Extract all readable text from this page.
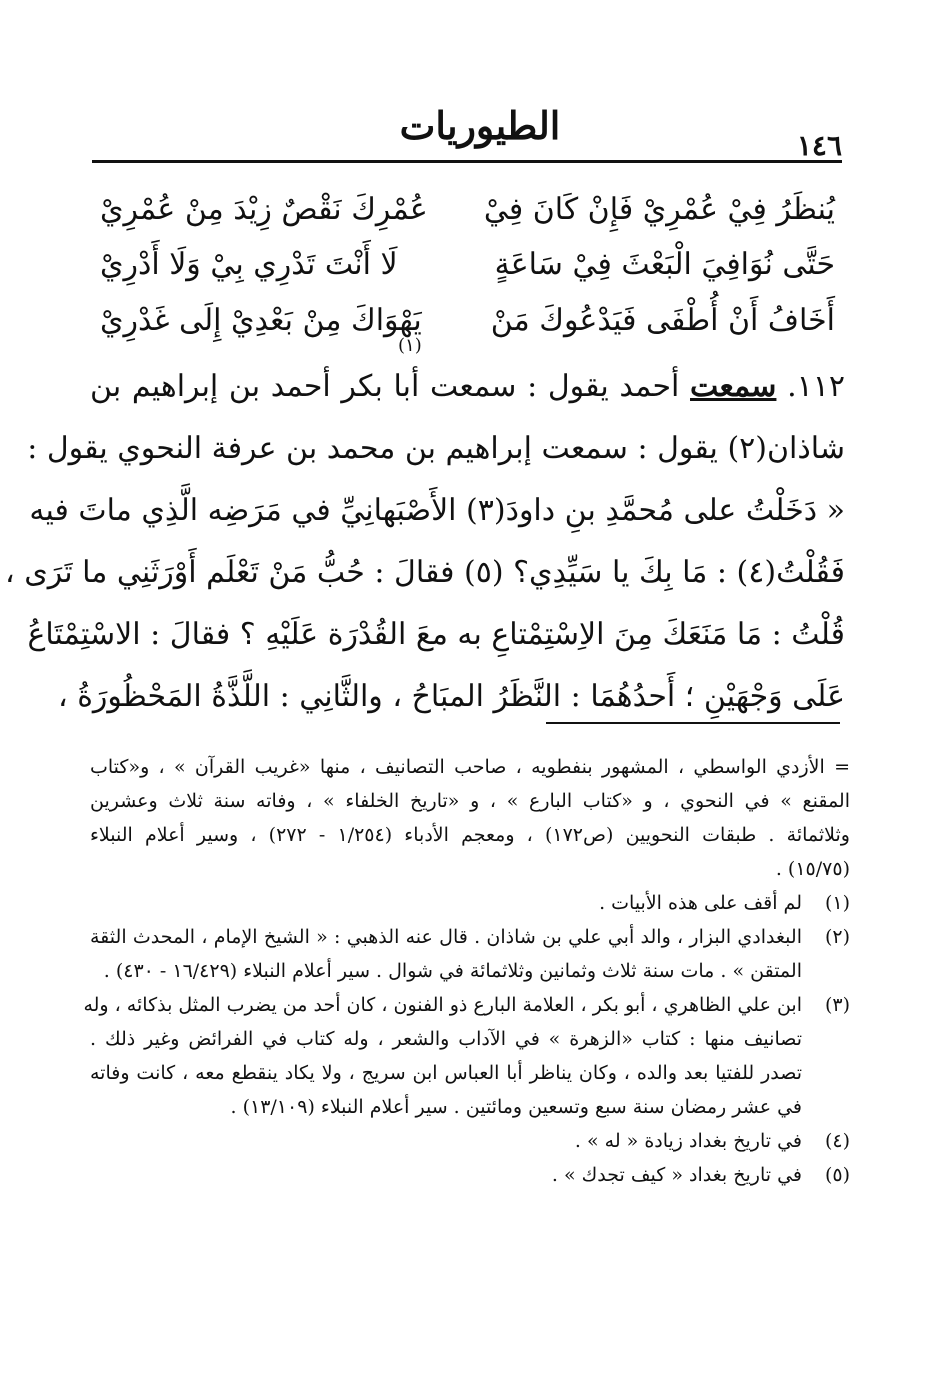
الطيوريات	١٤٦
يُنظَرُ فِيْ عُمْرِيْ فَإِنْ كَانَ فِيْ
عُمْرِكَ نَقْصٌ زِيْدَ مِنْ عُمْرِيْ
حَتَّى نُوَافِيَ الْبَعْثَ فِيْ سَاعَةٍ
لَا أَنْتَ تَدْرِي بِيْ وَلَا أَدْرِيْ
أَخَافُ أَنْ أُطْفَى فَيَدْعُوكَ مَنْ
يَهْوَاكَ مِنْ بَعْدِيْ إِلَى غَدْرِيْ
(١)
١١٢. سمعت أحمد يقول : سمعت أبا بكر أحمد بن إبراهيم بن
شاذان(٢) يقول : سمعت إبراهيم بن محمد بن عرفة النحوي يقول :
« دَخَلْتُ على مُحمَّدِ بنِ داودَ(٣) الأَصْبَهانِيِّ في مَرَضِه الَّذِي ماتَ فيه
فَقُلْتُ(٤) : مَا بِكَ يا سَيِّدِي؟ (٥) فقالَ : حُبُّ مَنْ تَعْلَم أَوْرَثَنِي ما تَرَى ،
قُلْتُ : مَا مَنَعَكَ مِنَ الاِسْتِمْتاعِ به معَ القُدْرَة عَلَيْهِ ؟ فقالَ : الاسْتِمْتَاعُ
عَلَى وَجْهَيْنِ ؛ أَحدُهُمَا : النَّظَرُ المبَاحُ ، والثَّانِي : اللَّذَّةُ المَحْظُورَةُ ،
= الأزدي الواسطي ، المشهور بنفطويه ، صاحب التصانيف ، منها «غريب القرآن » ، و«كتاب
المقنع » في النحوي ، و «كتاب البارع » ، و «تاريخ الخلفاء » ، وفاته سنة ثلاث وعشرين
وثلاثمائة . طبقات النحويين (ص١٧٢) ، ومعجم الأدباء (١/٢٥٤ - ٢٧٢) ، وسير أعلام النبلاء
(١٥/٧٥) .
(١)
لم أقف على هذه الأبيات .
(٢)
البغدادي البزار ، والد أبي علي بن شاذان . قال عنه الذهبي : « الشيخ الإمام ، المحدث الثقة
المتقن » . مات سنة ثلاث وثمانين وثلاثمائة في شوال . سير أعلام النبلاء (١٦/٤٢٩ - ٤٣٠) .
(٣)
ابن علي الظاهري ، أبو بكر ، العلامة البارع ذو الفنون ، كان أحد من يضرب المثل بذكائه ، وله
تصانيف منها : كتاب «الزهرة » في الآداب والشعر ، وله كتاب في الفرائض وغير ذلك .
تصدر للفتيا بعد والده ، وكان يناظر أبا العباس ابن سريج ، ولا يكاد ينقطع معه ، كانت وفاته
في عشر رمضان سنة سبع وتسعين ومائتين . سير أعلام النبلاء (١٣/١٠٩) .
(٤)
في تاريخ بغداد زيادة « له » .
(٥)
في تاريخ بغداد « كيف تجدك » .
